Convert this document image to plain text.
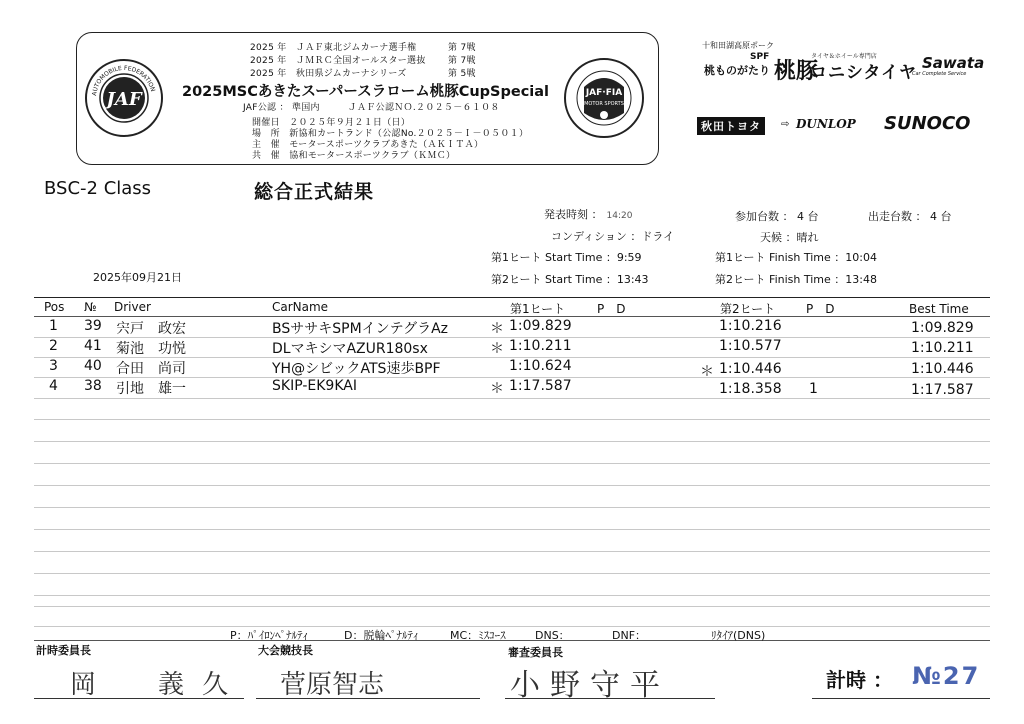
JAF
AUTOMOBILE FEDERATION	JAF·FIA
MOTOR SPORTS
2025 年　 ＪＡＦ東北ジムカーナ選手権　	第 7戦
2025 年　 ＪＭＲＣ全国オールスター選抜　 第 7戦
2025 年　 秋田県ジムカーナシリーズ　	第 5戦
2025MSCあきたスーパースラローム桃豚CupSpecial
JAF公認 ： 準国内　　　ＪＡＦ公認ＮＯ.２０２５－６１０８
開催日　 ２０２５年９月２１日（日）
場　所　 新協和カートランド（公認No.２０２５－Ｉ－０５０１）
主　催　 モータースポーツクラブあきた（ＡＫＩＴＡ）
共　催　 協和モータースポーツクラブ（ＫＭＣ）
十和田湖高原ポーク
SPF
桃ものがたり 桃豚
タイヤ＆ホイール専門店
コニシタイヤ Sawata
Car Complete Service
秋田トヨタ	⇨ DUNLOP SUNOCO
BSC-2 Class	総合正式結果
発表時刻 ： 14:20
コンディション ：ドライ
参加台数 ： 4 台	出走台数 ： 4 台
天候 ：晴れ
第1ヒート Start Time ：9:59	第1ヒート Finish Time ：10:04
第2ヒート Start Time ：13:43	第2ヒート Finish Time ：13:48
2025年09月21日
Pos № Driver	CarName	第1ヒート	P　D	第2ヒート	P　D	Best Time
1 39 宍戸　政宏	BSササキSPMインテグラAz	＊ 1:09.829	1:10.216	1:09.829
2 41 菊池　功悦	DLマキシマAZUR180sx	＊ 1:10.211	1:10.577	1:10.211
3 40 合田　尚司	YH@シビックATS速歩BPF	1:10.624	＊ 1:10.446	1:10.446
4 38 引地　雄一	SKIP-EK9KAI	＊ 1:17.587	1:18.358 1	1:17.587
P：ﾊﾟｲﾛﾝﾍﾟﾅﾙﾃｨ	D：脱輪ﾍﾟﾅﾙﾃｨ	MC：ﾐｽｺｰｽ	DNS：	DNF：	ﾘﾀｲｱ(DNS)
計時委員長
岡　義久
大会競技長
菅原智志
審査委員長
小野守平	計時 ： №27
